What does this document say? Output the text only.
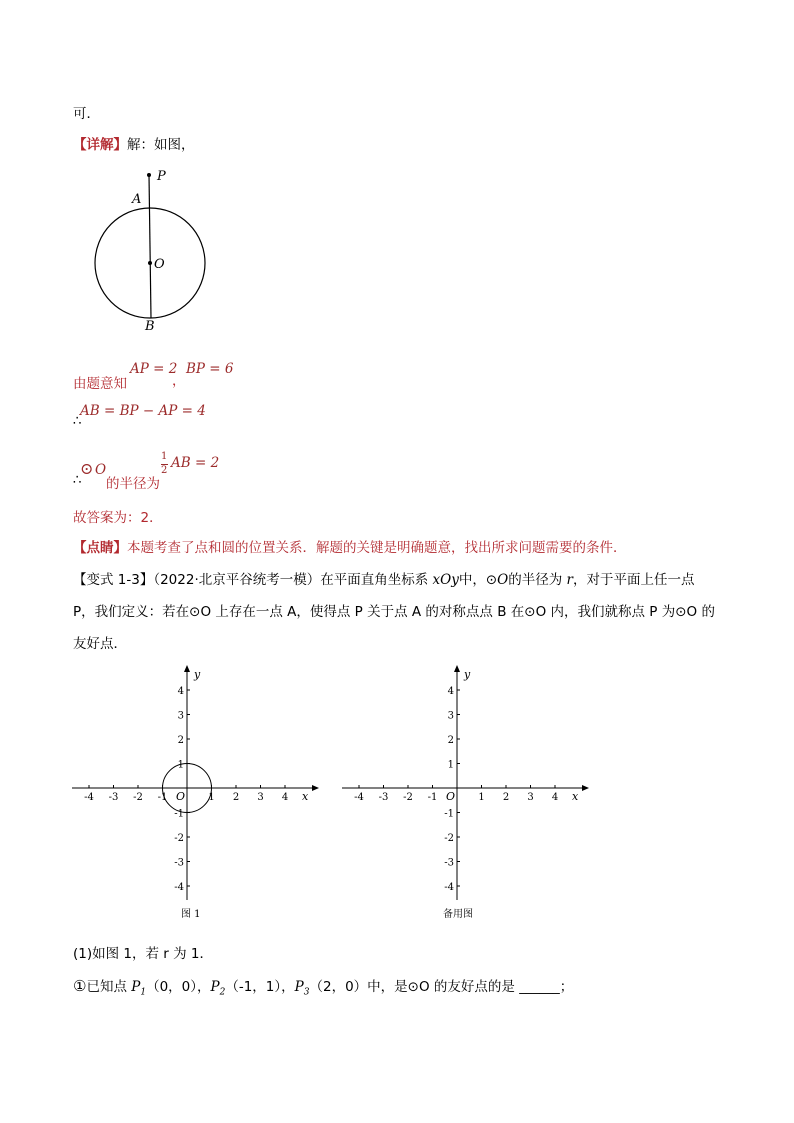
可．
【详解】解：如图，
P
A
O
B
由题意知
AP = 2
，
BP = 6
∴
AB = BP − AP = 4
∴
⊙ O
的半径为
1
2 AB = 2
故答案为：2．
【点睛】本题考查了点和圆的位置关系．解题的关键是明确题意，找出所求问题需要的条件．
【变式 1-3】（2022·北京平谷统考一模）在平面直角坐标系 xOy中，⊙O的半径为 r，对于平面上任一点
P，我们定义：若在⊙O 上存在一点 A，使得点 P 关于点 A 的对称点点 B 在⊙O 内，我们就称点 P 为⊙O 的
友好点．
-4 -3 -2 -1	1 2 3 4
4
3
2
1
-1
-2
-3
-4
x
y
O
图 1
-4 -3 -2 -1	1 2 3 4
4
3
2
1
-1
-2
-3
-4
x
y
O
备用图
(1)如图 1，若 r 为 1．
①已知点 $P_1(0$，0），$P_2(-1$，1），$P_3(2$，0）中，是⊙O 的友好点的是 ______；
